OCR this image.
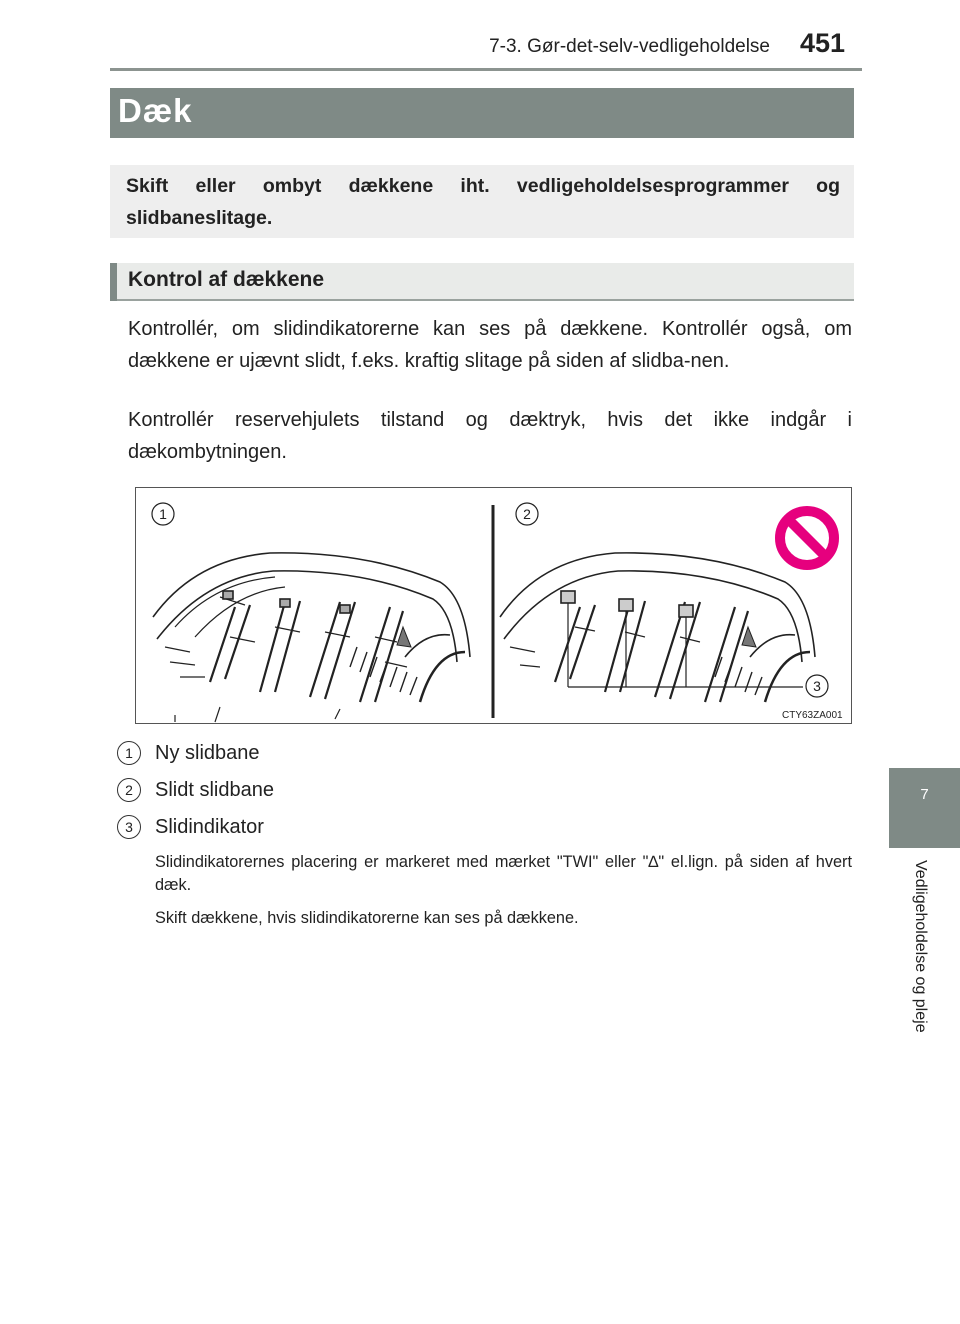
7-3. Gør-det-selv-vedligeholdelse 451
Dæk
Skift eller ombyt dækkene iht. vedligeholdelsesprogrammer og slidbaneslitage.
Kontrol af dækkene
Kontrollér, om slidindikatorerne kan ses på dækkene. Kontrollér også, om dækkene er ujævnt slidt, f.eks. kraftig slitage på siden af slidba-nen.
Kontrollér reservehjulets tilstand og dæktryk, hvis det ikke indgår i dækombytningen.
1	2
3
CTY63ZA001
1	Ny slidbane
2	Slidt slidbane
3	Slidindikator
Slidindikatorernes placering er markeret med mærket "TWI" eller "∆" el.lign. på siden af hvert dæk.
Skift dækkene, hvis slidindikatorerne kan ses på dækkene.
7
Vedligeholdelse og pleje
